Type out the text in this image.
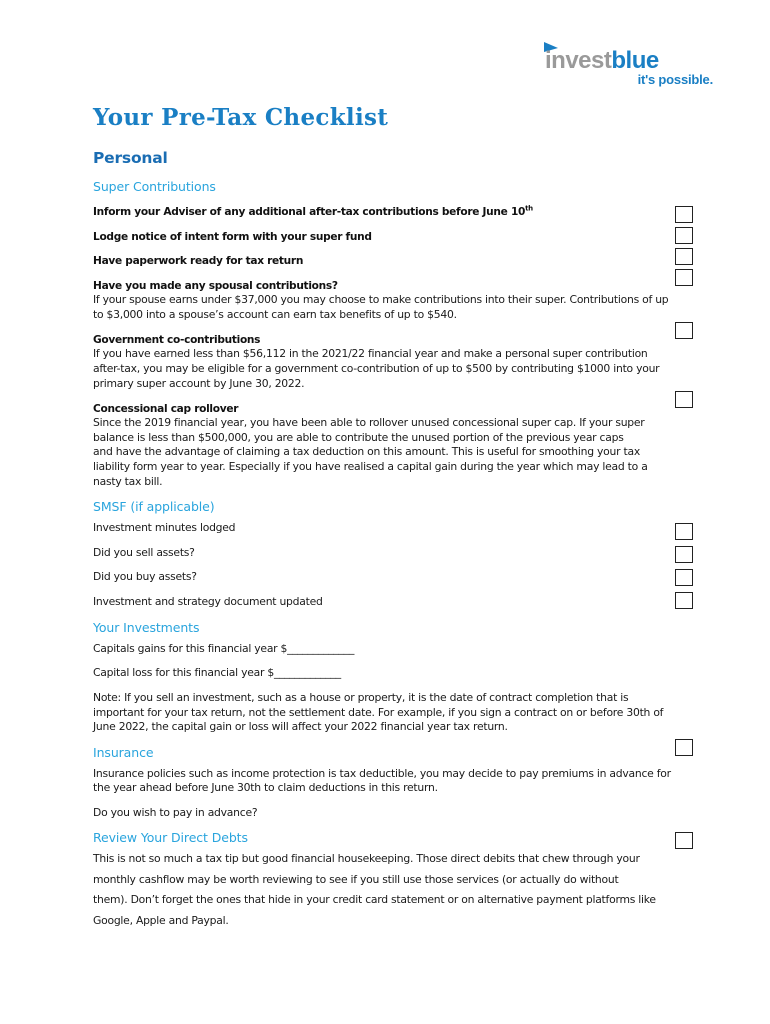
investblue
it's possible.
Your Pre-Tax Checklist
Personal
Super Contributions
Inform your Adviser of any additional after-tax contributions before June 10th
Lodge notice of intent form with your super fund
Have paperwork ready for tax return
Have you made any spousal contributions?
If your spouse earns under $37,000 you may choose to make contributions into their super. Contributions of up
to $3,000 into a spouse’s account can earn tax benefits of up to $540.
Government co-contributions
If you have earned less than $56,112 in the 2021/22 financial year and make a personal super contribution
after-tax, you may be eligible for a government co-contribution of up to $500 by contributing $1000 into your
primary super account by June 30, 2022.
Concessional cap rollover
Since the 2019 financial year, you have been able to rollover unused concessional super cap. If your super
balance is less than $500,000, you are able to contribute the unused portion of the previous year caps
and have the advantage of claiming a tax deduction on this amount. This is useful for smoothing your tax
liability form year to year. Especially if you have realised a capital gain during the year which may lead to a
nasty tax bill.
SMSF (if applicable)
Investment minutes lodged
Did you sell assets?
Did you buy assets?
Investment and strategy document updated
Your Investments
Capitals gains for this financial year $_____________
Capital loss for this financial year $_____________
Note: If you sell an investment, such as a house or property, it is the date of contract completion that is
important for your tax return, not the settlement date. For example, if you sign a contract on or before 30th of
June 2022, the capital gain or loss will affect your 2022 financial year tax return.
Insurance
Insurance policies such as income protection is tax deductible, you may decide to pay premiums in advance for
the year ahead before June 30th to claim deductions in this return.
Do you wish to pay in advance?
Review Your Direct Debts
This is not so much a tax tip but good financial housekeeping. Those direct debits that chew through your
monthly cashflow may be worth reviewing to see if you still use those services (or actually do without
them). Don’t forget the ones that hide in your credit card statement or on alternative payment platforms like
Google, Apple and Paypal.
